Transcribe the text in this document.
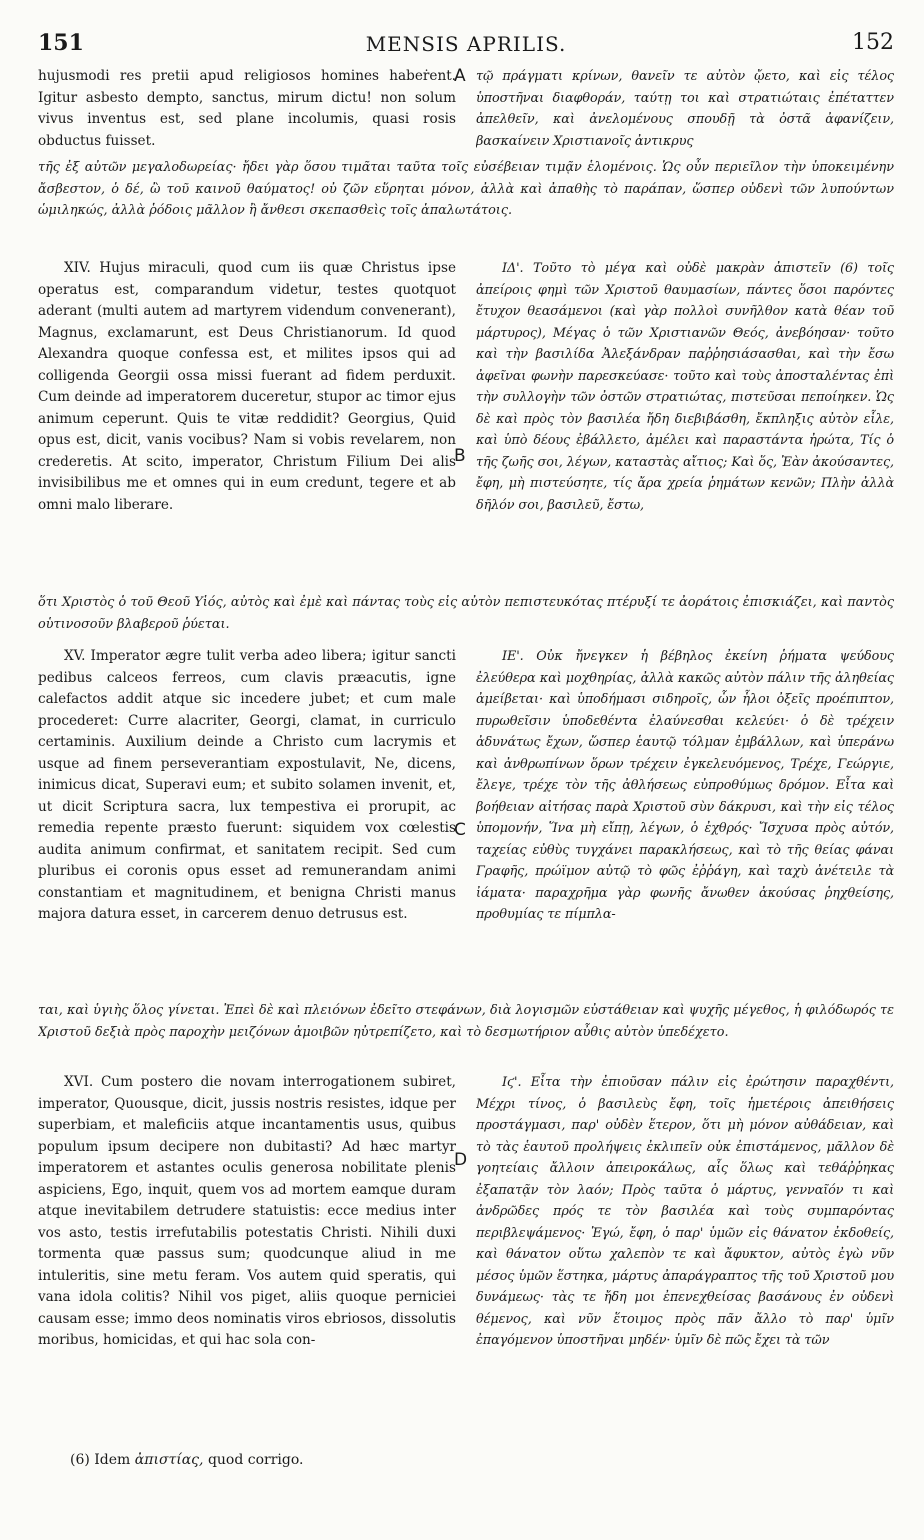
151	MENSIS APRILIS.	152

hujusmodi res pretii apud religiosos homines habeṙent. Igitur asbesto dempto, sanctus, mirum dictu! non solum vivus inventus est, sed plane incolumis, quasi rosis obductus fuisset.

A τῷ πράγματι κρίνων, θανεῖν τε αὐτὸν ᾤετο, καὶ εἰς τέλος ὑποστῆναι διαφθοράν, ταύτῃ τοι καὶ στρατιώταις ἐπέταττεν ἀπελθεῖν, καὶ ἀνελομένους σπουδῇ τὰ ὀστᾶ ἀφανίζειν, βασκαίνειν Χριστιανοῖς ἀντικρυς

τῆς ἐξ αὐτῶν μεγαλοδωρείας· ἤδει γὰρ ὅσου τιμᾶται ταῦτα τοῖς εὐσέβειαν τιμᾷν ἑλομένοις. Ὡς οὖν περιεῖλον τὴν ὑποκειμένην ἄσβεστον, ὁ δέ, ὢ τοῦ καινοῦ θαύματος! οὐ ζῶν εὕρηται μόνον, ἀλλὰ καὶ ἀπαθὴς τὸ παράπαν, ὥσπερ οὐδενὶ τῶν λυπούντων ὡμιληκώς, ἀλλὰ ῥόδοις μᾶλλον ἢ ἄνθεσι σκεπασθεὶς τοῖς ἁπαλωτάτοις.

XIV. Hujus miraculi, quod cum iis quæ Christus ipse operatus est, comparandum videtur, testes quotquot aderant (multi autem ad martyrem videndum convenerant), Magnus, exclamarunt, est Deus Christianorum. Id quod Alexandra quoque confessa est, et milites ipsos qui ad colligenda Georgii ossa missi fuerant ad fidem perduxit. Cum deinde ad imperatorem duceretur, stupor ac timor ejus animum ceperunt. Quis te vitæ reddidit? Georgius, Quid opus est, dicit, vanis vocibus? Nam si vobis revelarem, non crederetis. At scito, imperator, Christum Filium Dei alis invisibilibus me et omnes qui in eum credunt, tegere et ab omni malo liberare.

B

ΙΔ'. Τοῦτο τὸ μέγα καὶ οὐδὲ μακρὰν ἀπιστεῖν (6) τοῖς ἀπείροις φημὶ τῶν Χριστοῦ θαυμασίων, πάντες ὅσοι παρόντες ἔτυχον θεασάμενοι (καὶ γὰρ πολλοὶ συνῆλθον κατὰ θέαν τοῦ μάρτυρος), Μέγας ὁ τῶν Χριστιανῶν Θεός, ἀνεβόησαν· τοῦτο καὶ τὴν βασιλίδα Ἀλεξάνδραν παῤῥησιάσασθαι, καὶ τὴν ἔσω ἀφεῖναι φωνὴν παρεσκεύασε· τοῦτο καὶ τοὺς ἀποσταλέντας ἐπὶ τὴν συλλογὴν τῶν ὀστῶν στρατιώτας, πιστεῦσαι πεποίηκεν. Ὡς δὲ καὶ πρὸς τὸν βασιλέα ἤδη διεβιβάσθη, ἔκπληξις αὐτὸν εἷλε, καὶ ὑπὸ δέους ἐβάλλετο, ἀμέλει καὶ παραστάντα ἠρώτα, Τίς ὁ τῆς ζωῆς σοι, λέγων, καταστὰς αἴτιος; Καὶ ὅς, Ἐὰν ἀκούσαντες, ἔφη, μὴ πιστεύσητε, τίς ἄρα χρεία ῥημάτων κενῶν; Πλὴν ἀλλὰ δῆλόν σοι, βασιλεῦ, ἔστω,

ὅτι Χριστὸς ὁ τοῦ Θεοῦ Υἱός, αὐτὸς καὶ ἐμὲ καὶ πάντας τοὺς εἰς αὐτὸν πεπιστευκότας πτέρυξί τε ἀοράτοις ἐπισκιάζει, καὶ παντὸς οὑτινοσοῦν βλαβεροῦ ῥύεται.

XV. Imperator ægre tulit verba adeo libera; igitur sancti pedibus calceos ferreos, cum clavis præacutis, igne calefactos addit atque sic incedere jubet; et cum male procederet: Curre alacriter, Georgi, clamat, in curriculo certaminis. Auxilium deinde a Christo cum lacrymis et usque ad finem perseverantiam expostulavit, Ne, dicens, inimicus dicat, Superavi eum; et subito solamen invenit, et, ut dicit Scriptura sacra, lux tempestiva ei prorupit, ac remedia repente præsto fuerunt: siquidem vox cœlestis audita animum confirmat, et sanitatem recipit. Sed cum pluribus ei coronis opus esset ad remunerandam animi constantiam et magnitudinem, et benigna Christi manus majora datura esset, in carcerem denuo detrusus est.

C

ΙΕ'. Οὐκ ἤνεγκεν ἡ βέβηλος ἐκείνη ῥήματα ψεύδους ἐλεύθερα καὶ μοχθηρίας, ἀλλὰ κακῶς αὐτὸν πάλιν τῆς ἀληθείας ἀμείβεται· καὶ ὑποδήμασι σιδηροῖς, ὧν ἧλοι ὀξεῖς προέπιπτον, πυρωθεῖσιν ὑποδεθέντα ἐλαύνεσθαι κελεύει· ὁ δὲ τρέχειν ἀδυνάτως ἔχων, ὥσπερ ἑαυτῷ τόλμαν ἐμβάλλων, καὶ ὑπεράνω καὶ ἀνθρωπίνων ὅρων τρέχειν ἐγκελευόμενος, Τρέχε, Γεώργιε, ἔλεγε, τρέχε τὸν τῆς ἀθλήσεως εὐπροθύμως δρόμον. Εἶτα καὶ βοήθειαν αἰτήσας παρὰ Χριστοῦ σὺν δάκρυσι, καὶ τὴν εἰς τέλος ὑπομονήν, Ἵνα μὴ εἴπῃ, λέγων, ὁ ἐχθρός· Ἴσχυσα πρὸς αὐτόν, ταχείας εὐθὺς τυγχάνει παρακλήσεως, καὶ τὸ τῆς θείας φάναι Γραφῆς, πρώϊμον αὐτῷ τὸ φῶς ἐῤῥάγη, καὶ ταχὺ ἀνέτειλε τὰ ἰάματα· παραχρῆμα γὰρ φωνῆς ἄνωθεν ἀκούσας ῥηχθείσης, προθυμίας τε πίμπλα-

ται, καὶ ὑγιὴς ὅλος γίνεται. Ἐπεὶ δὲ καὶ πλειόνων ἐδεῖτο στεφάνων, διὰ λογισμῶν εὐστάθειαν καὶ ψυχῆς μέγεθος, ἡ φιλόδωρός τε Χριστοῦ δεξιὰ πρὸς παροχὴν μειζόνων ἀμοιβῶν ηὐτρεπίζετο, καὶ τὸ δεσμωτήριον αὖθις αὐτὸν ὑπεδέχετο.

XVI. Cum postero die novam interrogationem subiret, imperator, Quousque, dicit, jussis nostris resistes, idque per superbiam, et maleficiis atque incantamentis usus, quibus populum ipsum decipere non dubitasti? Ad hæc martyr imperatorem et astantes oculis generosa nobilitate plenis aspiciens, Ego, inquit, quem vos ad mortem eamque duram atque inevitabilem detrudere statuistis: ecce medius inter vos asto, testis irrefutabilis potestatis Christi. Nihili duxi tormenta quæ passus sum; quodcunque aliud in me intuleritis, sine metu feram. Vos autem quid speratis, qui vana idola colitis? Nihil vos piget, aliis quoque perniciei causam esse; immo deos nominatis viros ebriosos, dissolutis moribus, homicidas, et qui hac sola con-

D

Ιϛ'. Εἶτα τὴν ἐπιοῦσαν πάλιν εἰς ἐρώτησιν παραχθέντι, Μέχρι τίνος, ὁ βασιλεὺς ἔφη, τοῖς ἡμετέροις ἀπειθήσεις προστάγμασι, παρ' οὐδὲν ἕτερον, ὅτι μὴ μόνον αὐθάδειαν, καὶ τὸ τὰς ἑαυτοῦ προλήψεις ἐκλιπεῖν οὐκ ἐπιστάμενος, μᾶλλον δὲ γοητείαις ἄλλοιν ἀπειροκάλως, αἷς ὅλως καὶ τεθάῤῥηκας ἐξαπατᾷν τὸν λαόν; Πρὸς ταῦτα ὁ μάρτυς, γενναῖόν τι καὶ ἀνδρῶδες πρός τε τὸν βασιλέα καὶ τοὺς συμπαρόντας περιβλεψάμενος· Ἐγώ, ἔφη, ὁ παρ' ὑμῶν εἰς θάνατον ἐκδοθείς, καὶ θάνατον οὕτω χαλεπὸν τε καὶ ἄφυκτον, αὐτὸς ἐγὼ νῦν μέσος ὑμῶν ἕστηκα, μάρτυς ἀπαράγραπτος τῆς τοῦ Χριστοῦ μου δυνάμεως· τὰς τε ἤδη μοι ἐπενεχθείσας βασάνους ἐν οὐδενὶ θέμενος, καὶ νῦν ἕτοιμος πρὸς πᾶν ἄλλο τὸ παρ' ὑμῖν ἐπαγόμενον ὑποστῆναι μηδέν· ὑμῖν δὲ πῶς ἔχει τὰ τῶν

(6) Idem ἀπιστίας, quod corrigo.
